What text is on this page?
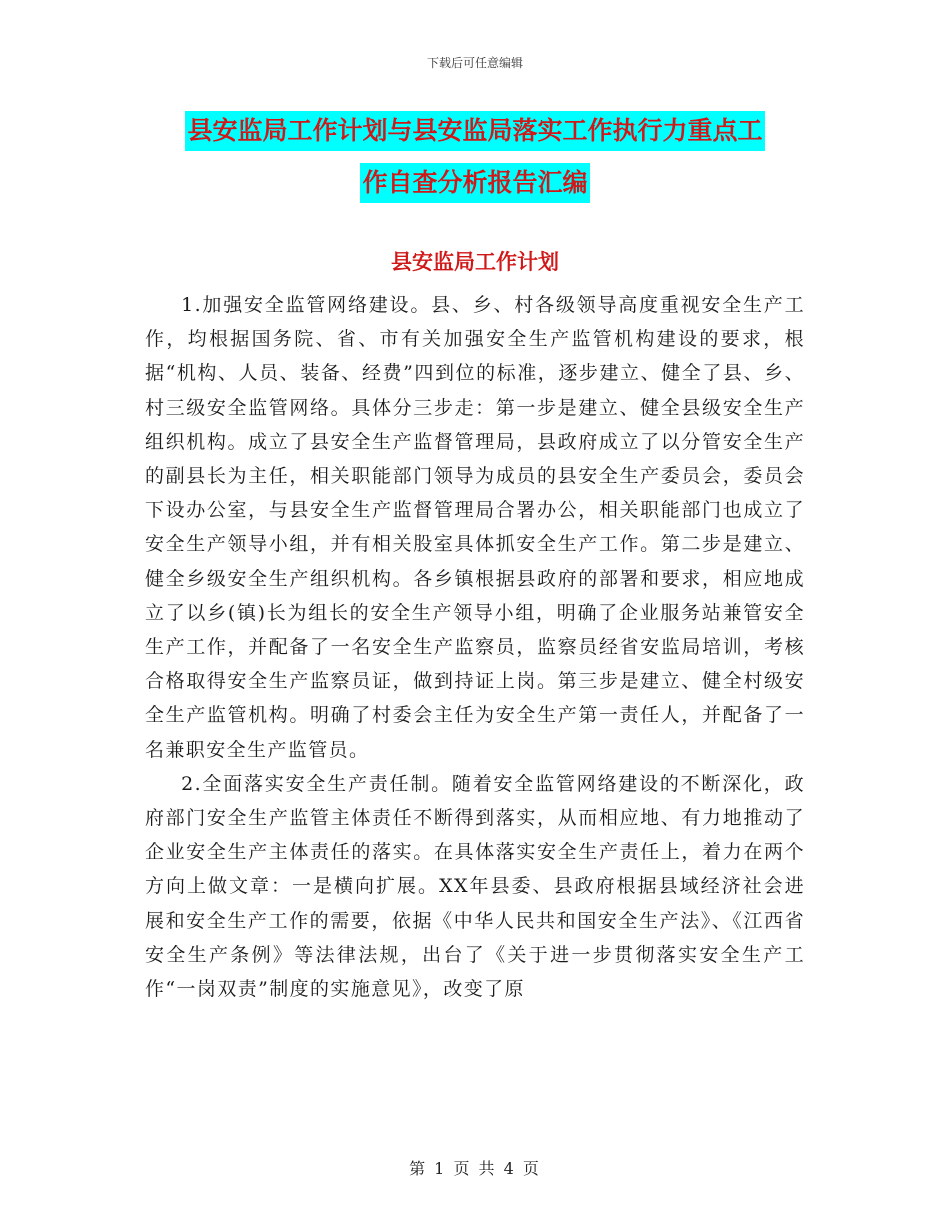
下载后可任意编辑
县安监局工作计划与县安监局落实工作执行力重点工
作自查分析报告汇编
县安监局工作计划

1.加强安全监管网络建设。县、乡、村各级领导高度重视安全生产工作，均根据国务院、省、市有关加强安全生产监管机构建设的要求，根据“机构、人员、装备、经费”四到位的标准，逐步建立、健全了县、乡、村三级安全监管网络。具体分三步走：第一步是建立、健全县级安全生产组织机构。成立了县安全生产监督管理局，县政府成立了以分管安全生产的副县长为主任，相关职能部门领导为成员的县安全生产委员会，委员会下设办公室，与县安全生产监督管理局合署办公，相关职能部门也成立了安全生产领导小组，并有相关股室具体抓安全生产工作。第二步是建立、健全乡级安全生产组织机构。各乡镇根据县政府的部署和要求，相应地成立了以乡(镇)长为组长的安全生产领导小组，明确了企业服务站兼管安全生产工作，并配备了一名安全生产监察员，监察员经省安监局培训，考核合格取得安全生产监察员证，做到持证上岗。第三步是建立、健全村级安全生产监管机构。明确了村委会主任为安全生产第一责任人，并配备了一名兼职安全生产监管员。

2.全面落实安全生产责任制。随着安全监管网络建设的不断深化，政府部门安全生产监管主体责任不断得到落实，从而相应地、有力地推动了企业安全生产主体责任的落实。在具体落实安全生产责任上，着力在两个方向上做文章：一是横向扩展。XX年县委、县政府根据县域经济社会进展和安全生产工作的需要，依据《中华人民共和国安全生产法》、《江西省安全生产条例》等法律法规，出台了《关于进一步贯彻落实安全生产工作“一岗双责”制度的实施意见》，改变了原

第 1 页 共 4 页
